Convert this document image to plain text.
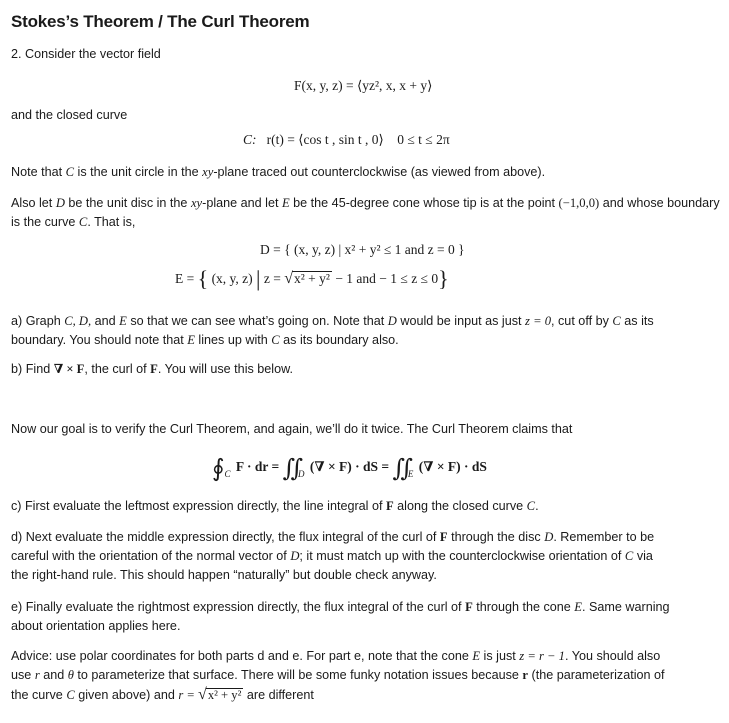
Stokes’s Theorem / The Curl Theorem
2. Consider the vector field
F(x, y, z) = ⟨yz², x, x + y⟩
and the closed curve
C: r(t) = ⟨cos t , sin t , 0⟩ 0 ≤ t ≤ 2π
Note that C is the unit circle in the xy-plane traced out counterclockwise (as viewed from above).
Also let D be the unit disc in the xy-plane and let E be the 45-degree cone whose tip is at the point (−1,0,0) and whose boundary is the curve C. That is,
D = { (x, y, z) | x² + y² ≤ 1 and z = 0 }
E = { (x, y, z) | z = √x² + y² − 1 and − 1 ≤ z ≤ 0}
a) Graph C, D, and E so that we can see what’s going on. Note that D would be input as just z = 0, cut off by C as its
boundary. You should note that E lines up with C as its boundary also.
b) Find ∇ × F, the curl of F. You will use this below.
Now our goal is to verify the Curl Theorem, and again, we’ll do it twice. The Curl Theorem claims that
$∮_C$ F · dr = ∬ $_D$ (∇ × F) · dS = ∬ $_E$ (∇ × F) · dS
c) First evaluate the leftmost expression directly, the line integral of F along the closed curve C.
d) Next evaluate the middle expression directly, the flux integral of the curl of F through the disc D. Remember to be
careful with the orientation of the normal vector of D; it must match up with the counterclockwise orientation of C via
the right-hand rule. This should happen “naturally” but double check anyway.
e) Finally evaluate the rightmost expression directly, the flux integral of the curl of F through the cone E. Same warning
about orientation applies here.
Advice: use polar coordinates for both parts d and e. For part e, note that the cone E is just z = r − 1. You should also
use r and θ to parameterize that surface. There will be some funky notation issues because r (the parameterization of
the curve C given above) and r = √x² + y² are different
